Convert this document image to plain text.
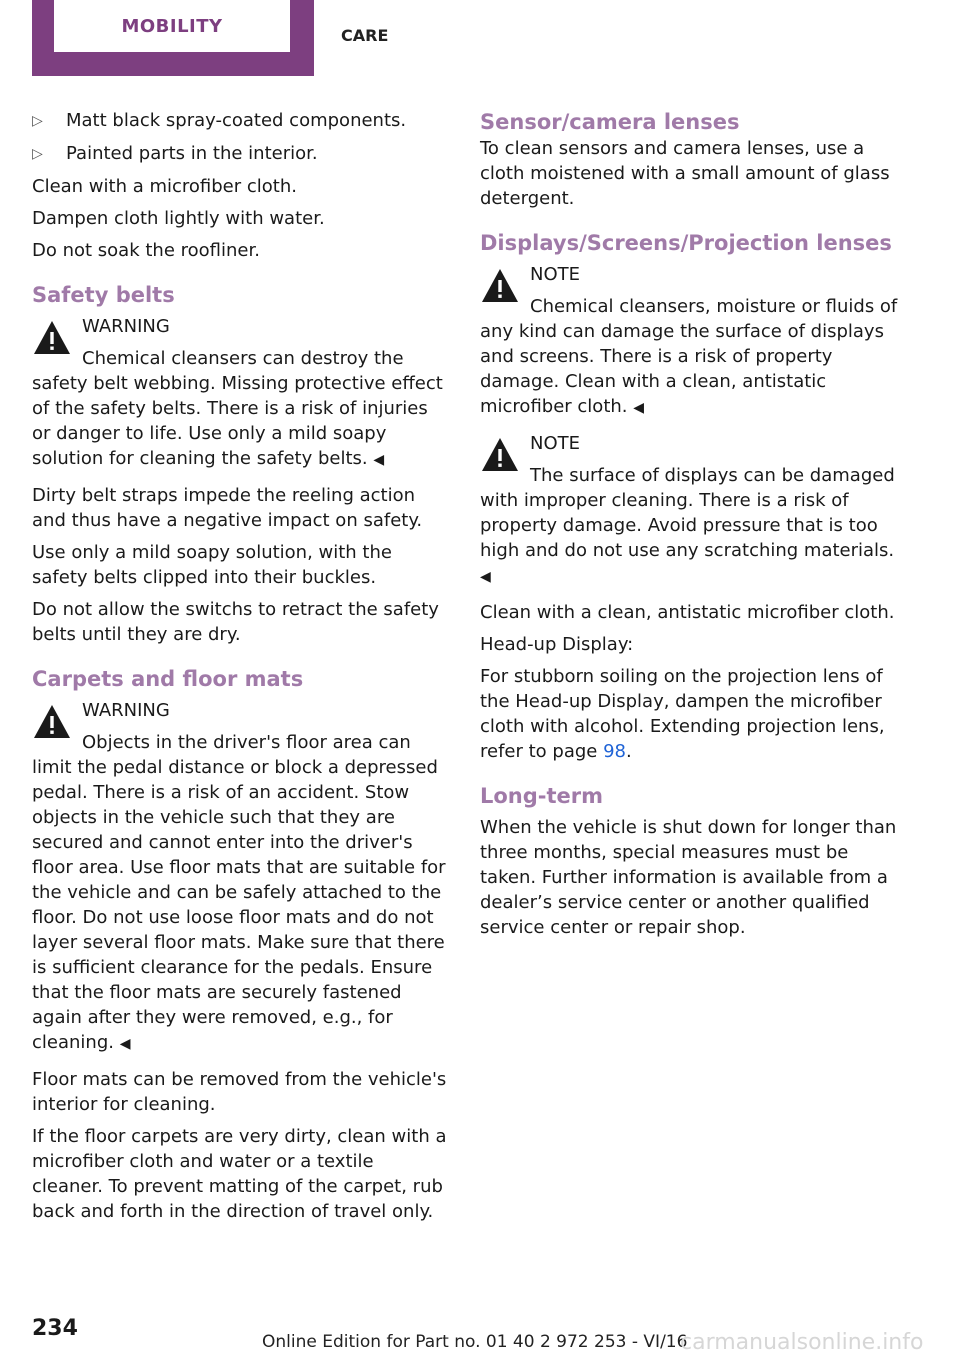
MOBILITY	CARE
▷	Matt black spray-coated components.
▷	Painted parts in the interior.

Clean with a microfiber cloth.

Dampen cloth lightly with water.

Do not soak the roofliner.

Safety belts
WARNING
Chemical cleansers can destroy the safety belt webbing. Missing protective effect of the safety belts. There is a risk of injuries or danger to life. Use only a mild soapy solution for cleaning the safety belts. ◀

Dirty belt straps impede the reeling action and thus have a negative impact on safety.

Use only a mild soapy solution, with the safety belts clipped into their buckles.

Do not allow the switchs to retract the safety belts until they are dry.

Carpets and floor mats
WARNING
Objects in the driver's floor area can limit the pedal distance or block a depressed pedal. There is a risk of an accident. Stow objects in the vehicle such that they are secured and cannot enter into the driver's floor area. Use floor mats that are suitable for the vehicle and can be safely attached to the floor. Do not use loose floor mats and do not layer several floor mats. Make sure that there is sufficient clearance for the pedals. Ensure that the floor mats are securely fastened again after they were removed, e.g., for cleaning. ◀

Floor mats can be removed from the vehicle's interior for cleaning.

If the floor carpets are very dirty, clean with a microfiber cloth and water or a textile cleaner. To prevent matting of the carpet, rub back and forth in the direction of travel only.

Sensor/camera lenses

To clean sensors and camera lenses, use a cloth moistened with a small amount of glass detergent.

Displays/Screens/Projection lenses
NOTE
Chemical cleansers, moisture or fluids of any kind can damage the surface of displays and screens. There is a risk of property damage. Clean with a clean, antistatic microfiber cloth. ◀
NOTE
The surface of displays can be damaged with improper cleaning. There is a risk of property damage. Avoid pressure that is too high and do not use any scratching materials. ◀

Clean with a clean, antistatic microfiber cloth.

Head-up Display:

For stubborn soiling on the projection lens of the Head-up Display, dampen the microfiber cloth with alcohol. Extending projection lens, refer to page 98.

Long-term

When the vehicle is shut down for longer than three months, special measures must be taken. Further information is available from a dealer’s service center or another qualified service center or repair shop.

234
Online Edition for Part no. 01 40 2 972 253 - VI/16
carmanualsonline.info
